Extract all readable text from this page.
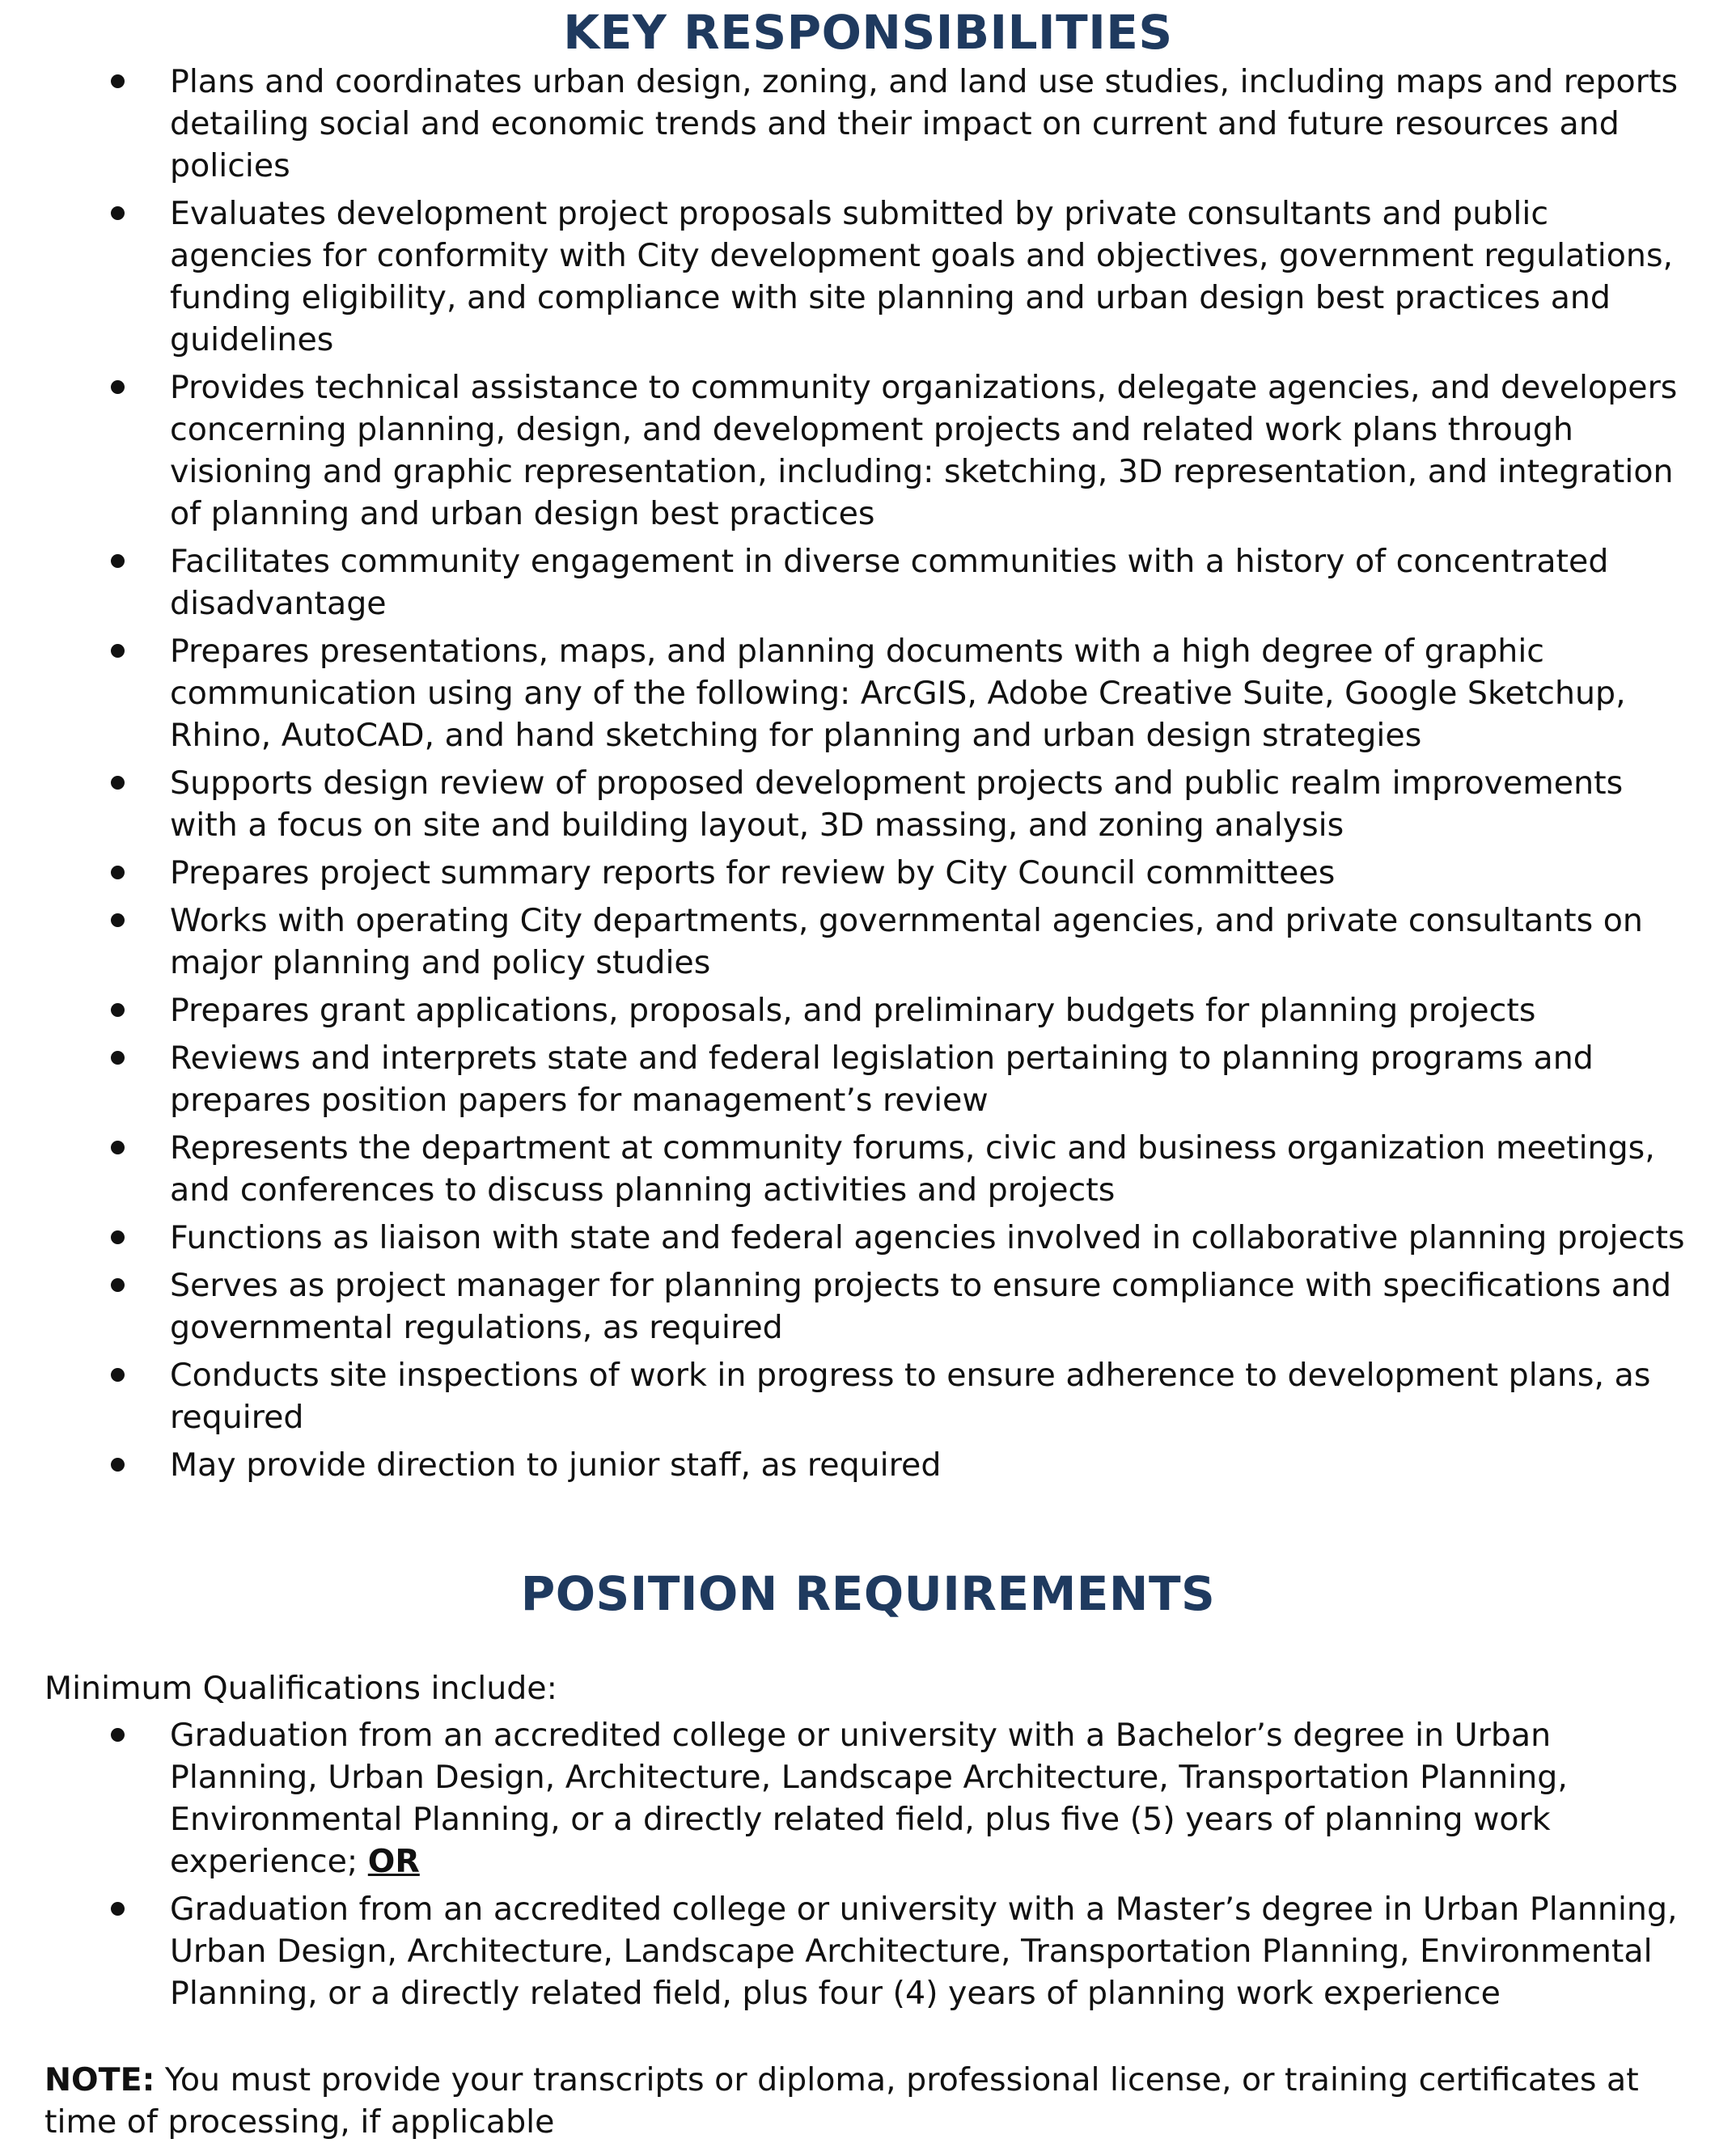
KEY RESPONSIBILITIES
Plans and coordinates urban design, zoning, and land use studies, including maps and reports detailing social and economic trends and their impact on current and future resources and policies
Evaluates development project proposals submitted by private consultants and public agencies for conformity with City development goals and objectives, government regulations, funding eligibility, and compliance with site planning and urban design best practices and guidelines
Provides technical assistance to community organizations, delegate agencies, and developers concerning planning, design, and development projects and related work plans through visioning and graphic representation, including: sketching, 3D representation, and integration of planning and urban design best practices
Facilitates community engagement in diverse communities with a history of concentrated disadvantage
Prepares presentations, maps, and planning documents with a high degree of graphic communication using any of the following: ArcGIS, Adobe Creative Suite, Google Sketchup, Rhino, AutoCAD, and hand sketching for planning and urban design strategies
Supports design review of proposed development projects and public realm improvements with a focus on site and building layout, 3D massing, and zoning analysis
Prepares project summary reports for review by City Council committees
Works with operating City departments, governmental agencies, and private consultants on major planning and policy studies
Prepares grant applications, proposals, and preliminary budgets for planning projects
Reviews and interprets state and federal legislation pertaining to planning programs and prepares position papers for management’s review
Represents the department at community forums, civic and business organization meetings, and conferences to discuss planning activities and projects
Functions as liaison with state and federal agencies involved in collaborative planning projects
Serves as project manager for planning projects to ensure compliance with specifications and governmental regulations, as required
Conducts site inspections of work in progress to ensure adherence to development plans, as required
May provide direction to junior staff, as required
POSITION REQUIREMENTS
Minimum Qualifications include:
Graduation from an accredited college or university with a Bachelor’s degree in Urban Planning, Urban Design, Architecture, Landscape Architecture, Transportation Planning, Environmental Planning, or a directly related field, plus five (5) years of planning work experience; OR
Graduation from an accredited college or university with a Master’s degree in Urban Planning, Urban Design, Architecture, Landscape Architecture, Transportation Planning, Environmental Planning, or a directly related field, plus four (4) years of planning work experience
NOTE: You must provide your transcripts or diploma, professional license, or training certificates at time of processing, if applicable
